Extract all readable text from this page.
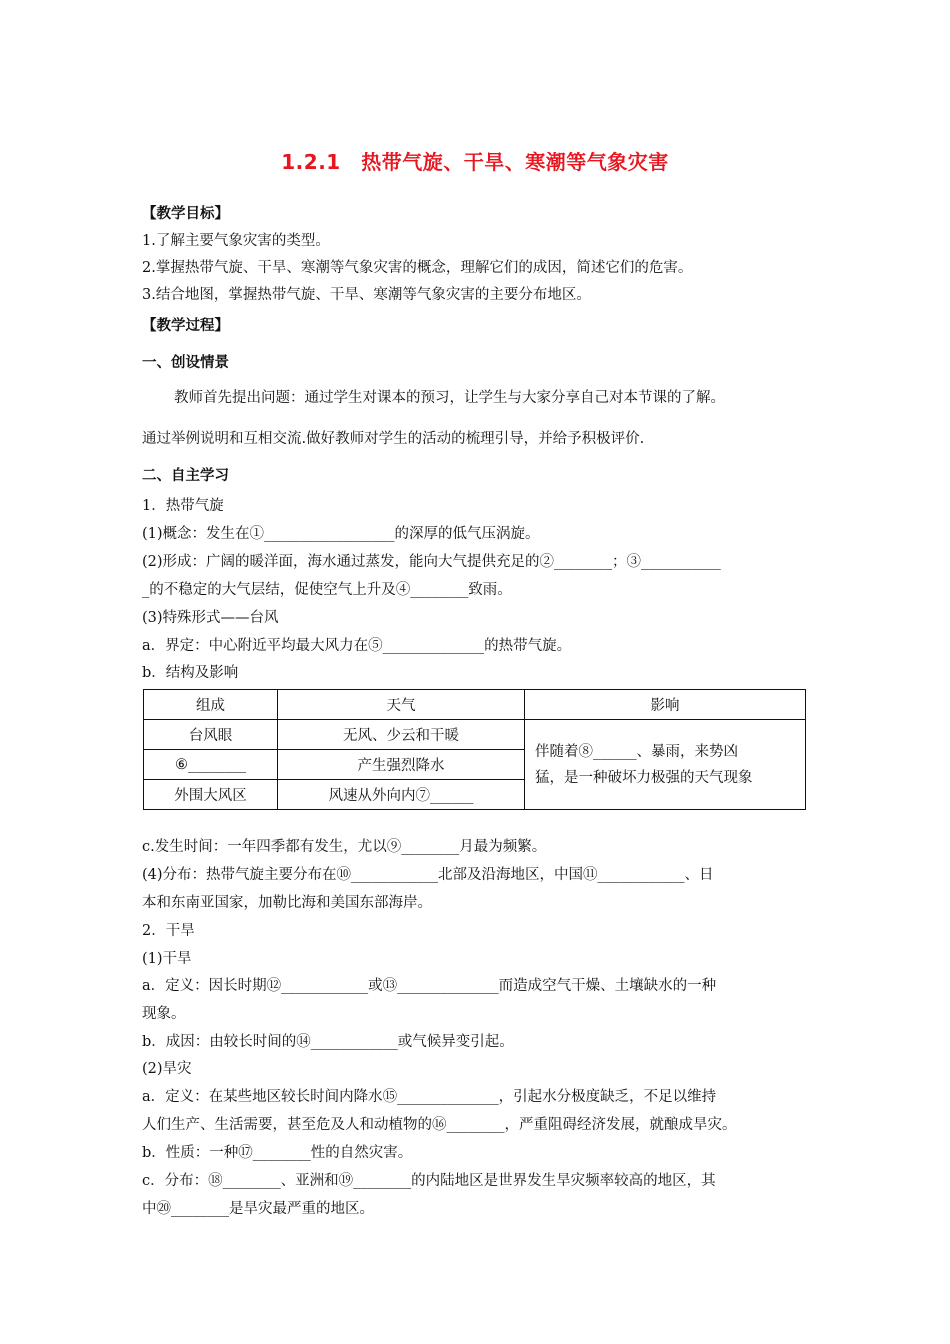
1.2.1　热带气旋、干旱、寒潮等气象灾害
【教学目标】
1.了解主要气象灾害的类型。
2.掌握热带气旋、干旱、寒潮等气象灾害的概念，理解它们的成因，简述它们的危害。
3.结合地图，掌握热带气旋、干旱、寒潮等气象灾害的主要分布地区。
【教学过程】
一、创设情景
教师首先提出问题：通过学生对课本的预习，让学生与大家分享自己对本节课的了解。
通过举例说明和互相交流.做好教师对学生的活动的梳理引导，并给予积极评价.
二、自主学习
1．热带气旋
(1)概念：发生在①__________________的深厚的低气压涡旋。
(2)形成：广阔的暖洋面，海水通过蒸发，能向大气提供充足的②________；③___________
_的不稳定的大气层结，促使空气上升及④________致雨。
(3)特殊形式——台风
a．界定：中心附近平均最大风力在⑤______________的热带气旋。
b．结构及影响
组成	天气	影响
台风眼	无风、少云和干暖	伴随着⑧______、暴雨，来势凶
猛，是一种破坏力极强的天气现象

⑥________	产生强烈降水	
外围大风区	风速从外向内⑦______	
c.发生时间：一年四季都有发生，尤以⑨________月最为频繁。
(4)分布：热带气旋主要分布在⑩____________北部及沿海地区，中国⑪____________、日
本和东南亚国家，加勒比海和美国东部海岸。
2．干旱
(1)干旱
a．定义：因长时期⑫____________或⑬______________而造成空气干燥、土壤缺水的一种
现象。
b．成因：由较长时间的⑭____________或气候异变引起。
(2)旱灾
a．定义：在某些地区较长时间内降水⑮______________，引起水分极度缺乏，不足以维持
人们生产、生活需要，甚至危及人和动植物的⑯________，严重阻碍经济发展，就酿成旱灾。
b．性质：一种⑰________性的自然灾害。
c．分布：⑱________、亚洲和⑲________的内陆地区是世界发生旱灾频率较高的地区，其
中⑳________是旱灾最严重的地区。
